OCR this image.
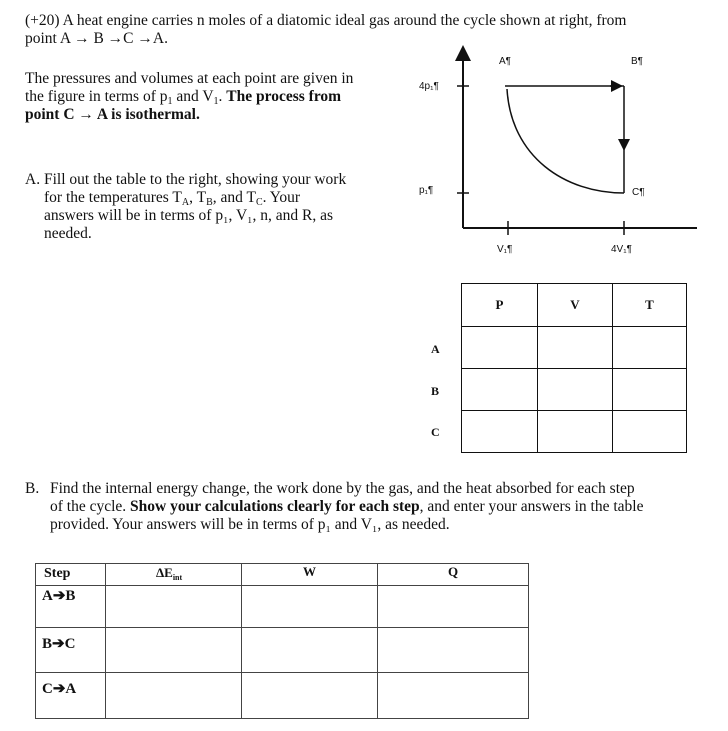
(+20) A heat engine carries n moles of a diatomic ideal gas around the cycle shown at right, from
point A → B →C →A.
The pressures and volumes at each point are given in
the figure in terms of $p_1$ and $V_1$. The process from
point C → A is isothermal.
A. Fill out the table to the right, showing your work
for the temperatures $T_A$, $T_B$, and $T_C$. Your
answers will be in terms of p₁, V₁, n, and R, as
needed.
A¶	B¶
C¶
4p₁¶
p₁¶
V₁¶	4V₁¶
P	V	T

A
B
C
B. Find the internal energy change, the work done by the gas, and the heat absorbed for each step
of the cycle. Show your calculations clearly for each step, and enter your answers in the table
provided. Your answers will be in terms of p₁ and V₁, as needed.
Step	$\Delta E_{int}$	W	Q
A➔B			
B➔C			
C➔A			
